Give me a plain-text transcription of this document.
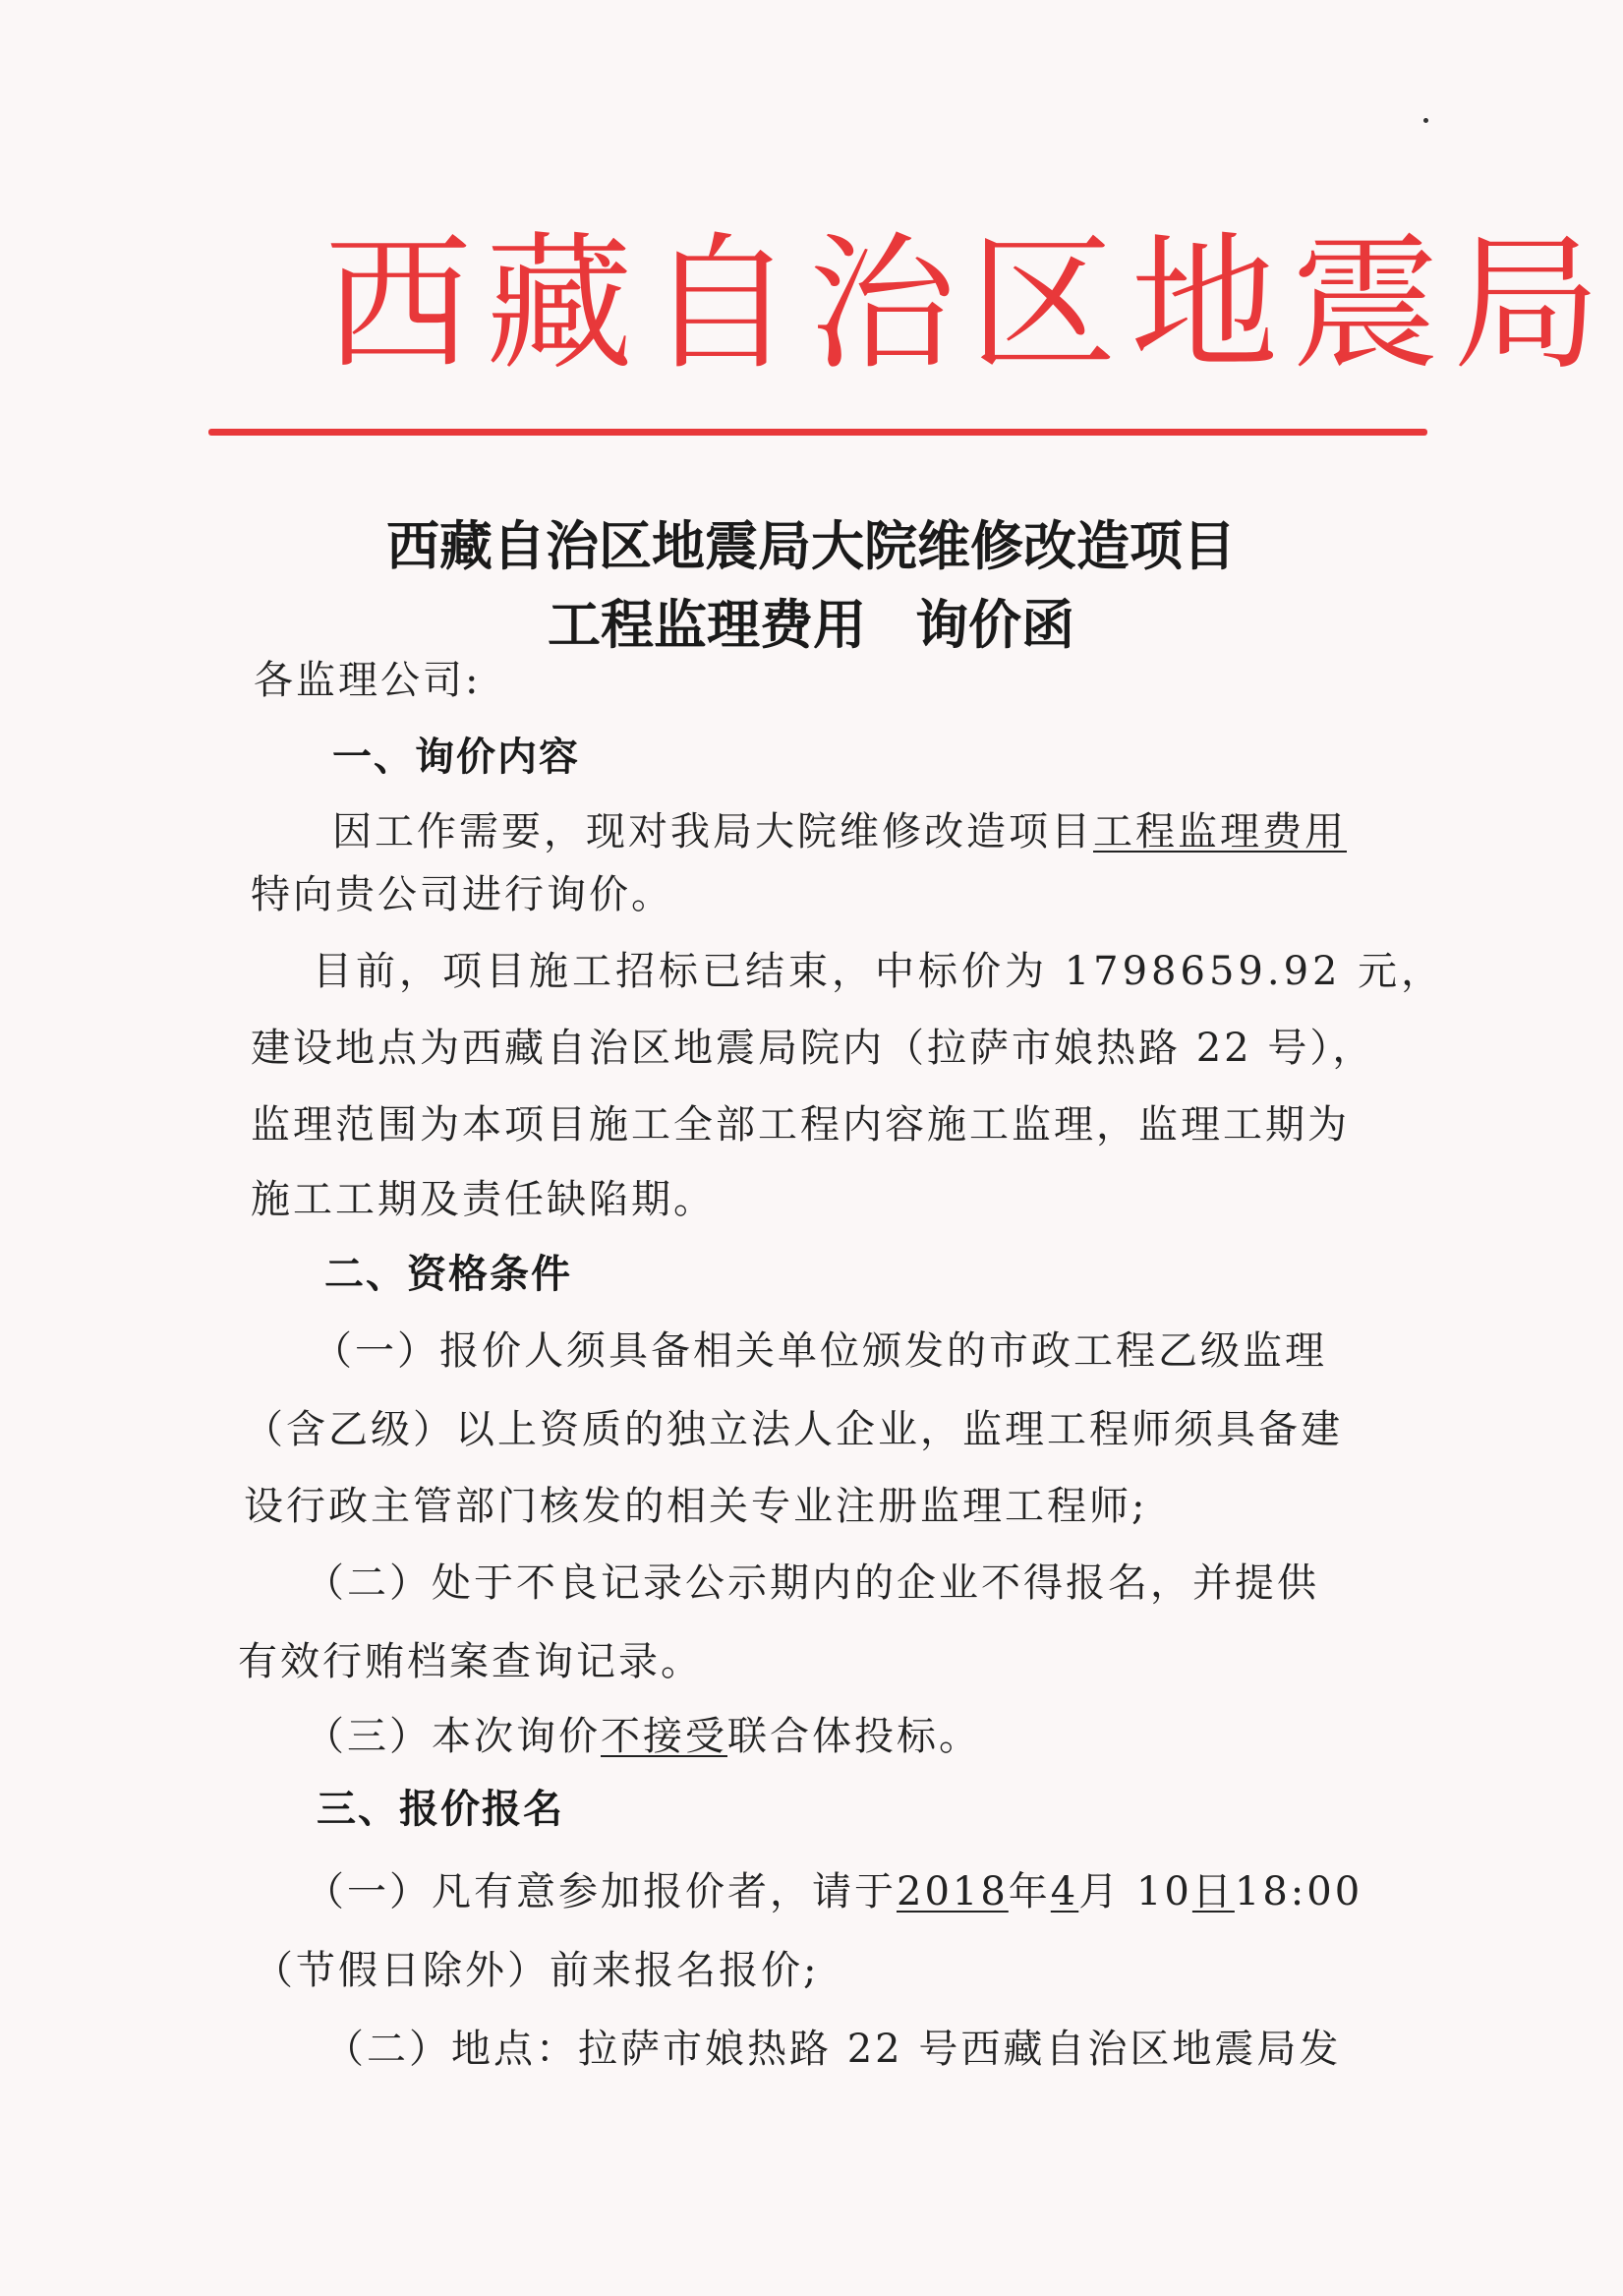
西藏自治区地震局
西藏自治区地震局大院维修改造项目
工程监理费用 询价函
各监理公司:
一、询价内容
因工作需要，现对我局大院维修改造项目工程监理费用
特向贵公司进行询价。
目前，项目施工招标已结束，中标价为 1798659.92 元，
建设地点为西藏自治区地震局院内（拉萨市娘热路 22 号），
监理范围为本项目施工全部工程内容施工监理，监理工期为
施工工期及责任缺陷期。
二、资格条件
（一）报价人须具备相关单位颁发的市政工程乙级监理
（含乙级）以上资质的独立法人企业，监理工程师须具备建
设行政主管部门核发的相关专业注册监理工程师;
（二）处于不良记录公示期内的企业不得报名，并提供
有效行贿档案查询记录。
（三）本次询价不接受联合体投标。
三、报价报名
（一）凡有意参加报价者，请于2018年4月 10日18:00
（节假日除外）前来报名报价;
（二）地点：拉萨市娘热路 22 号西藏自治区地震局发
